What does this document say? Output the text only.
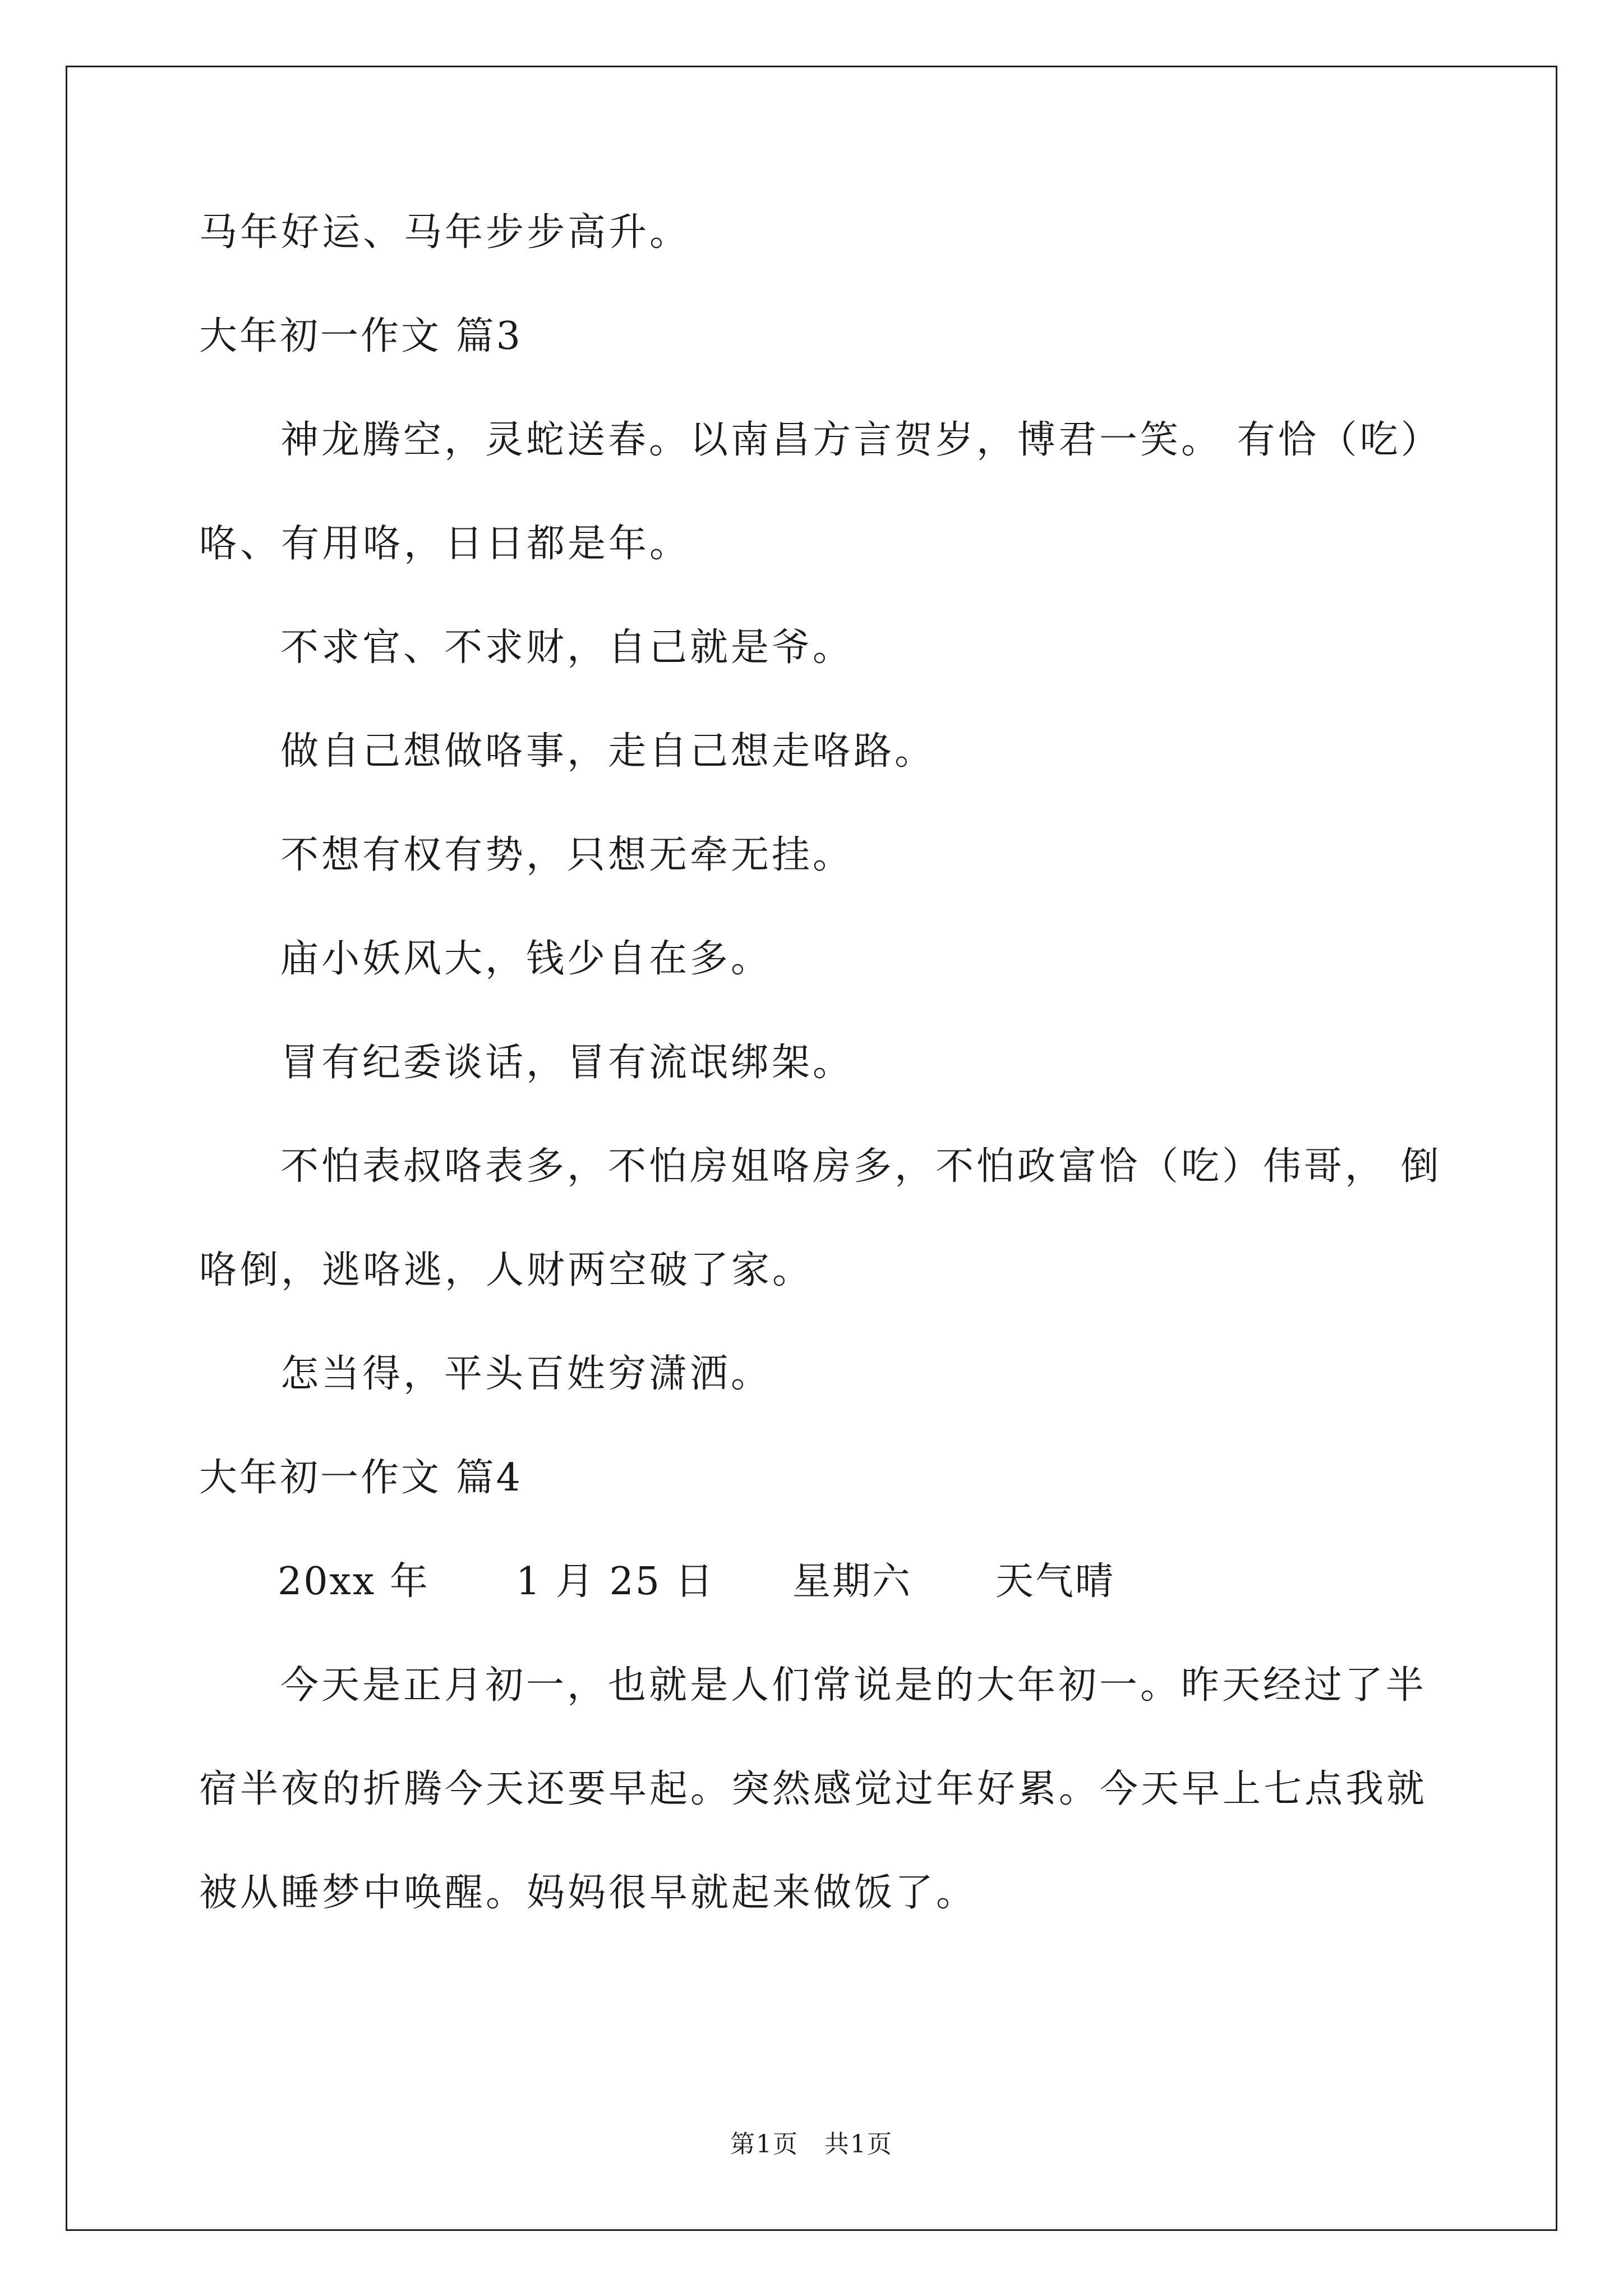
马年好运、马年步步高升。
大年初一作文 篇3
神龙腾空，灵蛇送春。以南昌方言贺岁，博君一笑。 有恰（吃）
咯、有用咯，日日都是年。
不求官、不求财，自己就是爷。
做自己想做咯事，走自己想走咯路。
不想有权有势，只想无牵无挂。
庙小妖风大，钱少自在多。
冒有纪委谈话，冒有流氓绑架。
不怕表叔咯表多，不怕房姐咯房多，不怕政富恰（吃）伟哥， 倒
咯倒，逃咯逃，人财两空破了家。
怎当得，平头百姓穷潇洒。
大年初一作文 篇4
20xx 年 1 月 25 日 星期六 天气晴
今天是正月初一，也就是人们常说是的大年初一。昨天经过了半
宿半夜的折腾今天还要早起。突然感觉过年好累。今天早上七点我就
被从睡梦中唤醒。妈妈很早就起来做饭了。
第1页　共1页
